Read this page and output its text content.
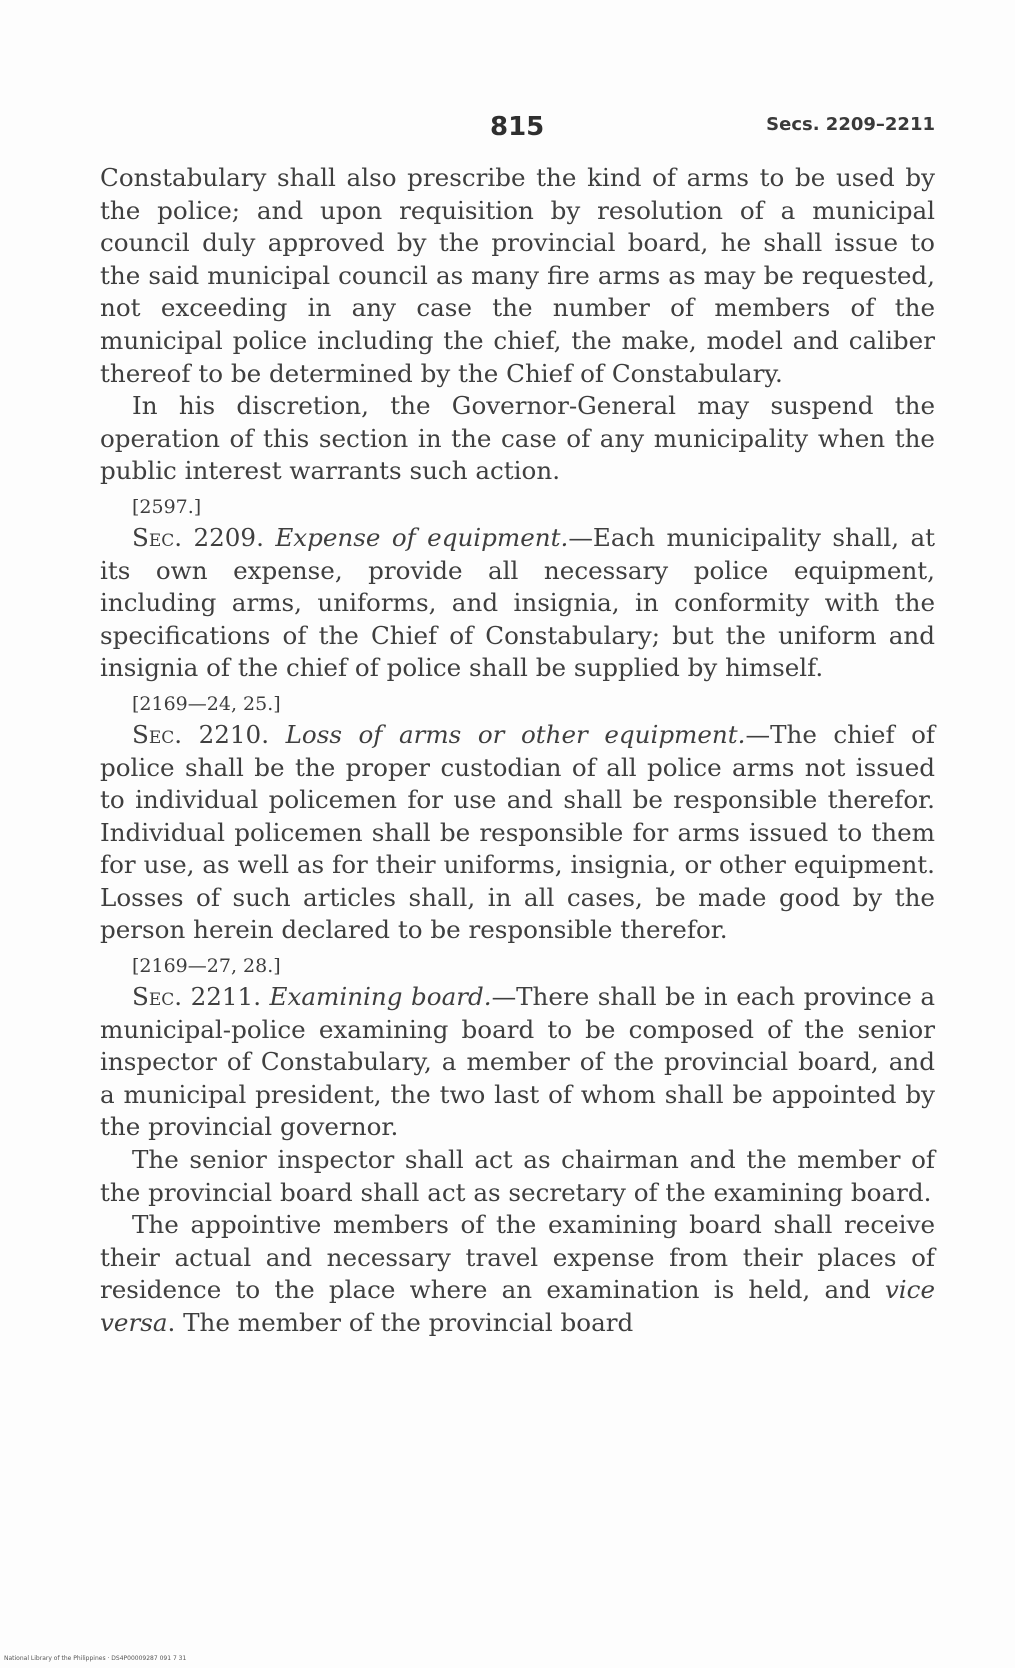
815	Secs. 2209–2211

Constabulary shall also prescribe the kind of arms to be used by the police; and upon requisition by resolution of a municipal council duly approved by the provincial board, he shall issue to the said municipal council as many fire arms as may be requested, not exceeding in any case the number of members of the municipal police including the chief, the make, model and caliber thereof to be determined by the Chief of Constabulary.

In his discretion, the Governor-General may suspend the operation of this section in the case of any municipality when the public interest warrants such action.

[2597.]

Sec. 2209. Expense of equipment.—Each municipality shall, at its own expense, provide all necessary police equipment, including arms, uniforms, and insignia, in conformity with the specifications of the Chief of Constabulary; but the uniform and insignia of the chief of police shall be supplied by himself.

[2169—24, 25.]

Sec. 2210. Loss of arms or other equipment.—The chief of police shall be the proper custodian of all police arms not issued to individual policemen for use and shall be responsible therefor. Individual policemen shall be responsible for arms issued to them for use, as well as for their uniforms, insignia, or other equipment. Losses of such articles shall, in all cases, be made good by the person herein declared to be responsible therefor.

[2169—27, 28.]

Sec. 2211. Examining board.—There shall be in each province a municipal-police examining board to be composed of the senior inspector of Constabulary, a member of the provincial board, and a municipal president, the two last of whom shall be appointed by the provincial governor.

The senior inspector shall act as chairman and the member of the provincial board shall act as secretary of the examining board.

The appointive members of the examining board shall receive their actual and necessary travel expense from their places of residence to the place where an examination is held, and vice versa. The member of the provincial board

National Library of the Philippines · DS4P00009287 091 7 31
